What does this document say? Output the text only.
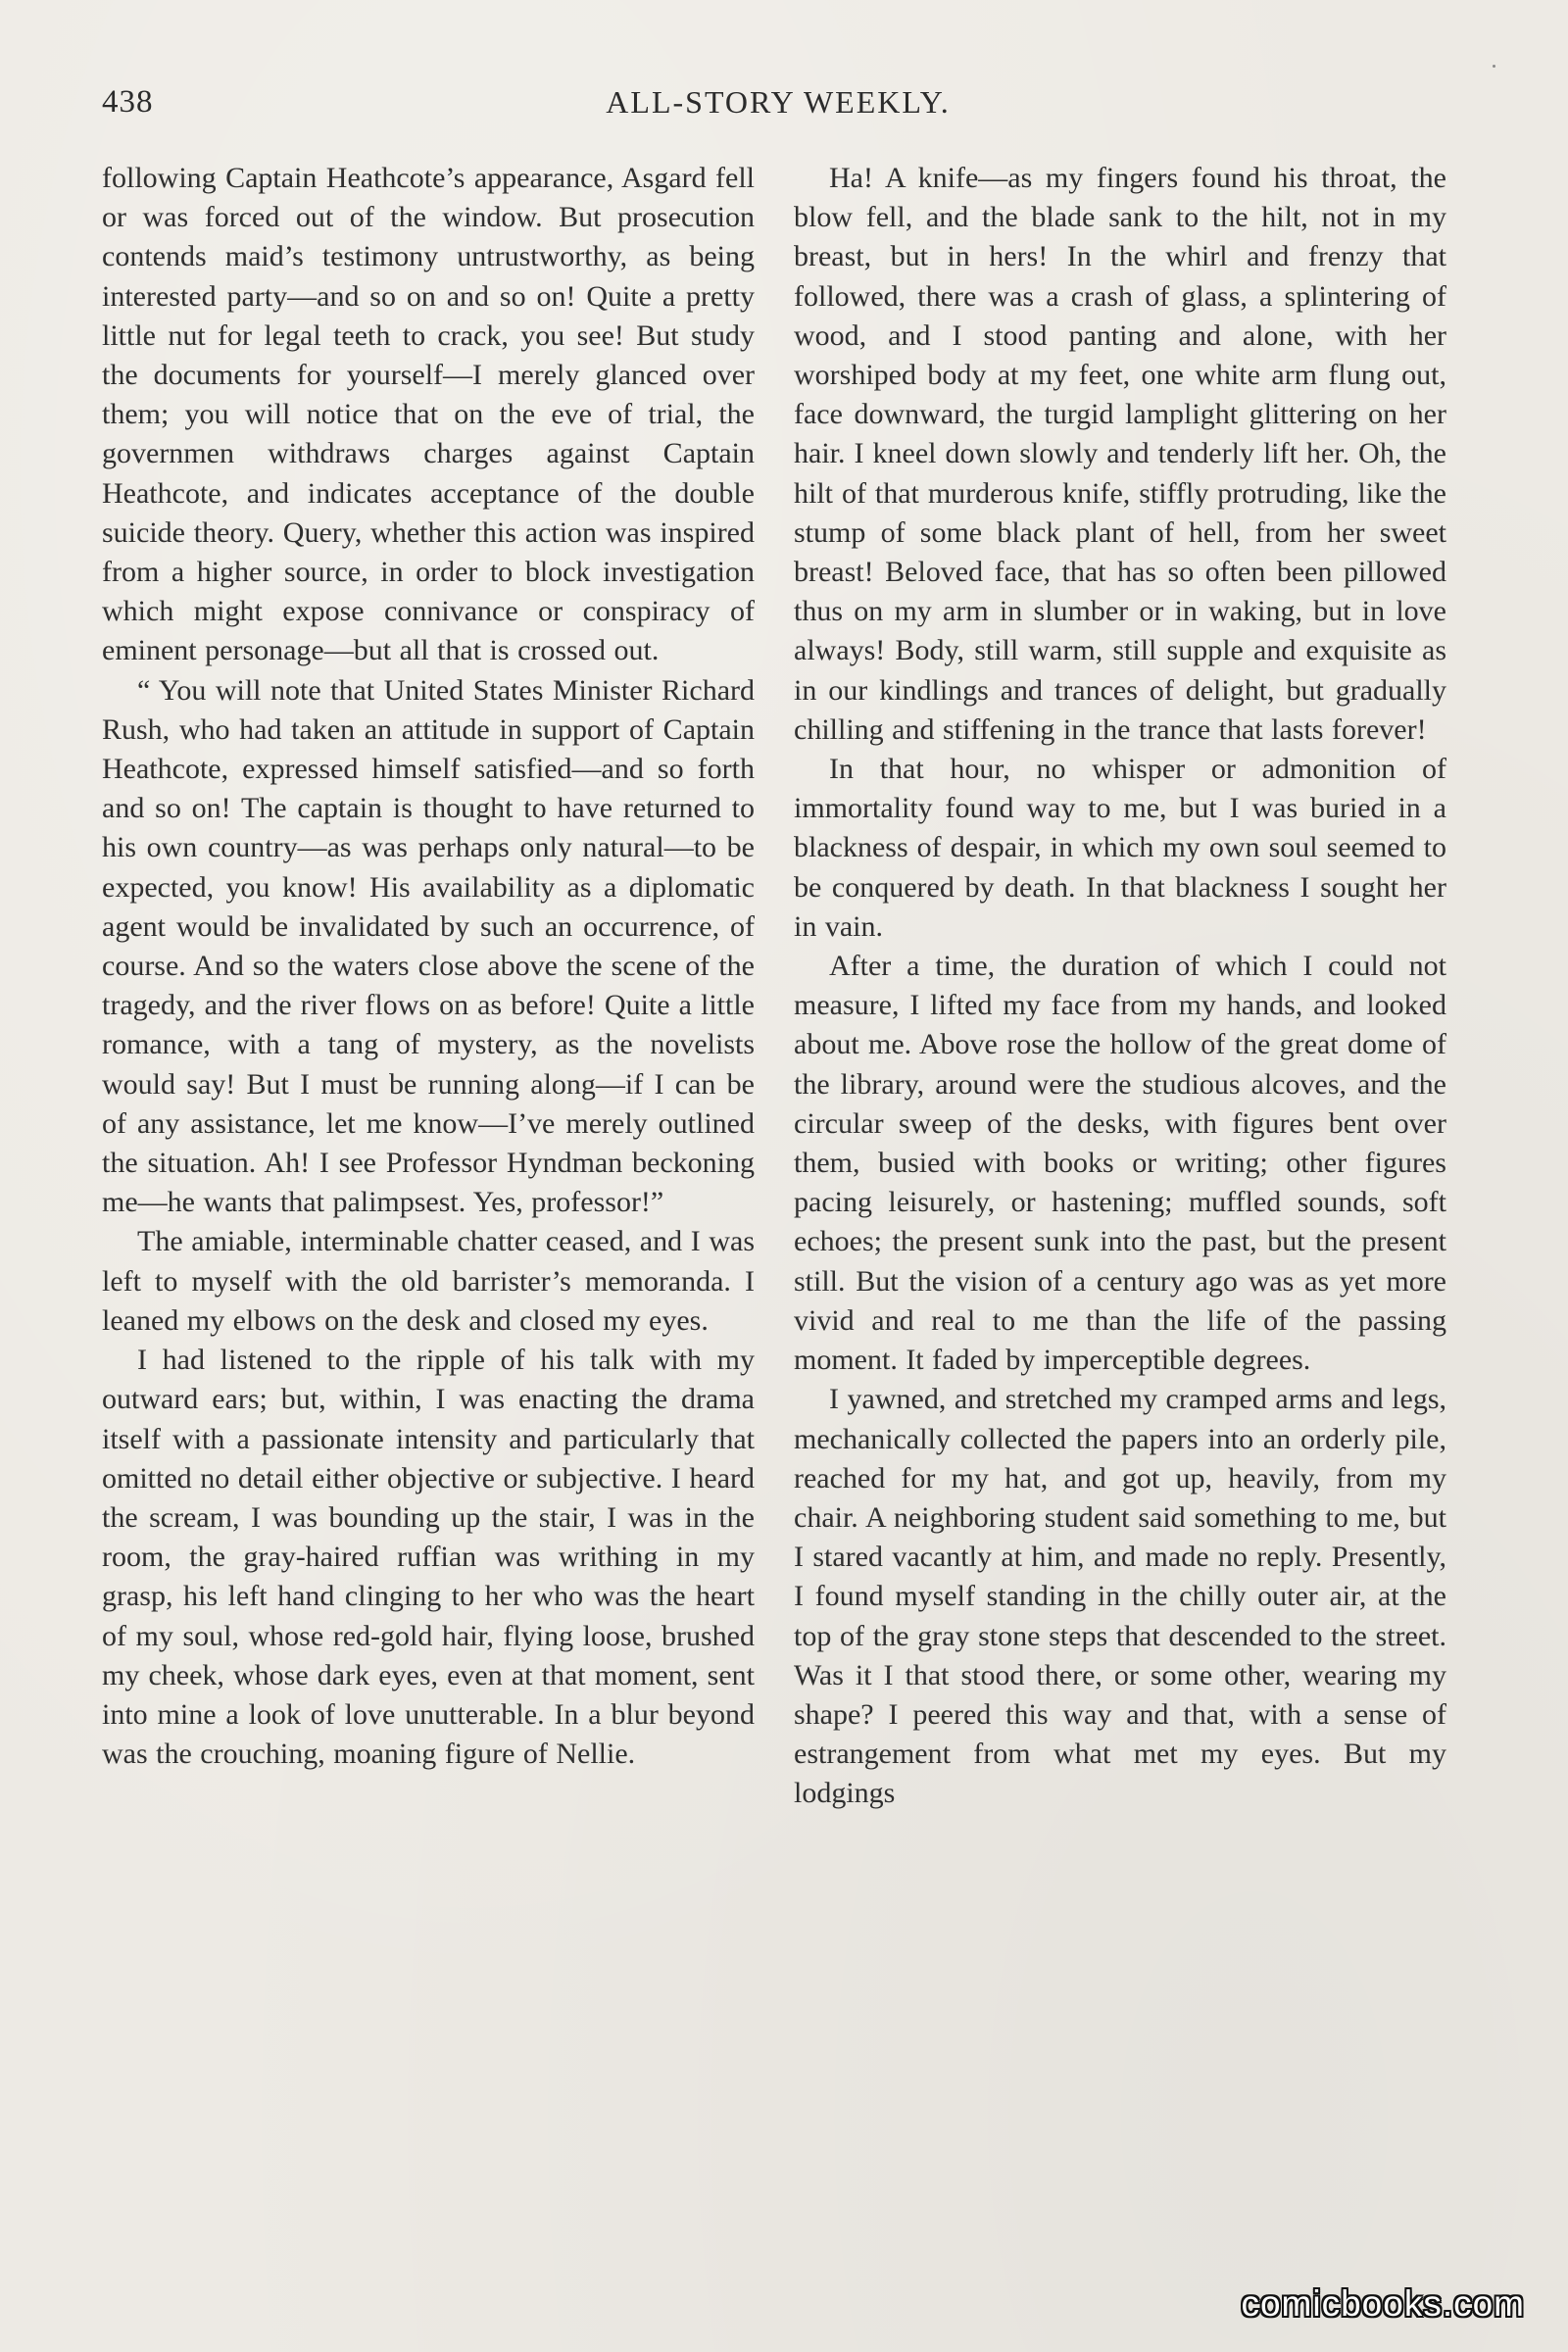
438	ALL-STORY WEEKLY.

following Captain Heathcote’s appearance, Asgard fell or was forced out of the window. But prosecution contends maid’s testimony untrustworthy, as being interested party—and so on and so on! Quite a pretty little nut for legal teeth to crack, you see! But study the documents for yourself—I merely glanced over them; you will notice that on the eve of trial, the governmen withdraws charges against Captain Heathcote, and indicates acceptance of the double suicide theory. Query, whether this action was inspired from a higher source, in order to block investigation which might expose connivance or conspiracy of eminent personage—but all that is crossed out.

“ You will note that United States Minister Richard Rush, who had taken an attitude in support of Captain Heathcote, expressed himself satisfied—and so forth and so on! The captain is thought to have returned to his own country—as was perhaps only natural—to be expected, you know! His availability as a diplomatic agent would be invalidated by such an occurrence, of course. And so the waters close above the scene of the tragedy, and the river flows on as before! Quite a little romance, with a tang of mystery, as the novelists would say! But I must be running along—if I can be of any assistance, let me know—I’ve merely outlined the situation. Ah! I see Professor Hyndman beckoning me—he wants that palimpsest. Yes, professor!”

The amiable, interminable chatter ceased, and I was left to myself with the old barrister’s memoranda. I leaned my elbows on the desk and closed my eyes.

I had listened to the ripple of his talk with my outward ears; but, within, I was enacting the drama itself with a passionate intensity and particularly that omitted no detail either objective or subjective. I heard the scream, I was bounding up the stair, I was in the room, the gray-haired ruffian was writhing in my grasp, his left hand clinging to her who was the heart of my soul, whose red-gold hair, flying loose, brushed my cheek, whose dark eyes, even at that moment, sent into mine a look of love unutterable. In a blur beyond was the crouching, moaning figure of Nellie.

Ha! A knife—as my fingers found his throat, the blow fell, and the blade sank to the hilt, not in my breast, but in hers! In the whirl and frenzy that followed, there was a crash of glass, a splintering of wood, and I stood panting and alone, with her worshiped body at my feet, one white arm flung out, face downward, the turgid lamplight glittering on her hair. I kneel down slowly and tenderly lift her. Oh, the hilt of that murderous knife, stiffly protruding, like the stump of some black plant of hell, from her sweet breast! Beloved face, that has so often been pillowed thus on my arm in slumber or in waking, but in love always! Body, still warm, still supple and exquisite as in our kindlings and trances of delight, but gradually chilling and stiffening in the trance that lasts forever!

In that hour, no whisper or admonition of immortality found way to me, but I was buried in a blackness of despair, in which my own soul seemed to be conquered by death. In that blackness I sought her in vain.

After a time, the duration of which I could not measure, I lifted my face from my hands, and looked about me. Above rose the hollow of the great dome of the library, around were the studious alcoves, and the circular sweep of the desks, with figures bent over them, busied with books or writing; other figures pacing leisurely, or hastening; muffled sounds, soft echoes; the present sunk into the past, but the present still. But the vision of a century ago was as yet more vivid and real to me than the life of the passing moment. It faded by imperceptible degrees.

I yawned, and stretched my cramped arms and legs, mechanically collected the papers into an orderly pile, reached for my hat, and got up, heavily, from my chair. A neighboring student said something to me, but I stared vacantly at him, and made no reply. Presently, I found myself standing in the chilly outer air, at the top of the gray stone steps that descended to the street. Was it I that stood there, or some other, wearing my shape? I peered this way and that, with a sense of estrangement from what met my eyes. But my lodgings

comicbooks.com
